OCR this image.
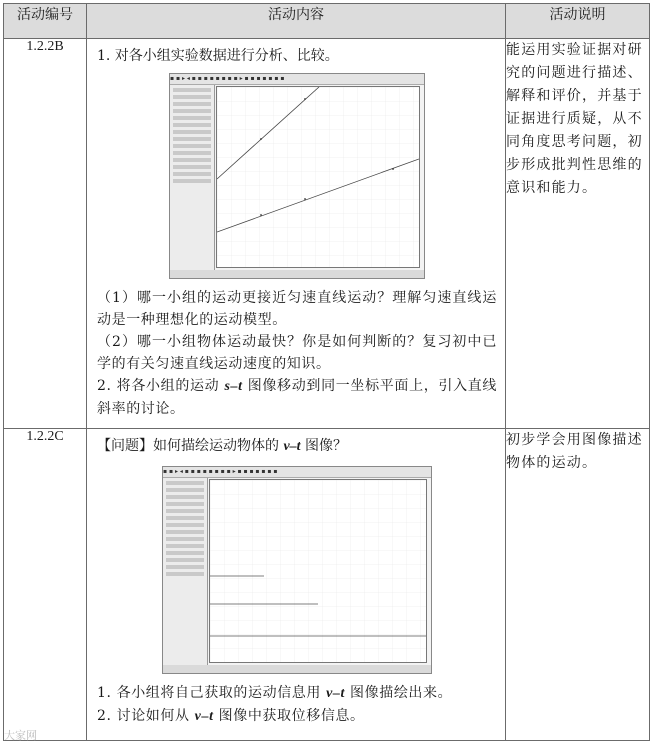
活动编号	活动内容	活动说明
1.2.2B	1. 对各小组实验数据进行分析、比较。

▪ ▪ ▸ ◂ ▪ ▪ ▪ ▪ ▪ ▪ ▪ ▪ ▸ ▪ ▪ ▪ ▪ ▪ ▪ ▪

（1）哪一小组的运动更接近匀速直线运动？理解匀速直线运动是一种理想化的运动模型。

（2）哪一小组物体运动最快？你是如何判断的？复习初中已学的有关匀速直线运动速度的知识。

2. 将各小组的运动 s–t 图像移动到同一坐标平面上，引入直线斜率的讨论。	能运用实验证据对研究的问题进行描述、解释和评价，并基于证据进行质疑，从不同角度思考问题，初步形成批判性思维的意识和能力。
1.2.2C	【问题】如何描绘运动物体的 v–t 图像？

▪ ▪ ▸ ◂ ▪ ▪ ▪ ▪ ▪ ▪ ▪ ▪ ▸ ▪ ▪ ▪ ▪ ▪ ▪ ▪

1. 各小组将自己获取的运动信息用 v–t 图像描绘出来。

2. 讨论如何从 v–t 图像中获取位移信息。	初步学会用图像描述物体的运动。
大家网
